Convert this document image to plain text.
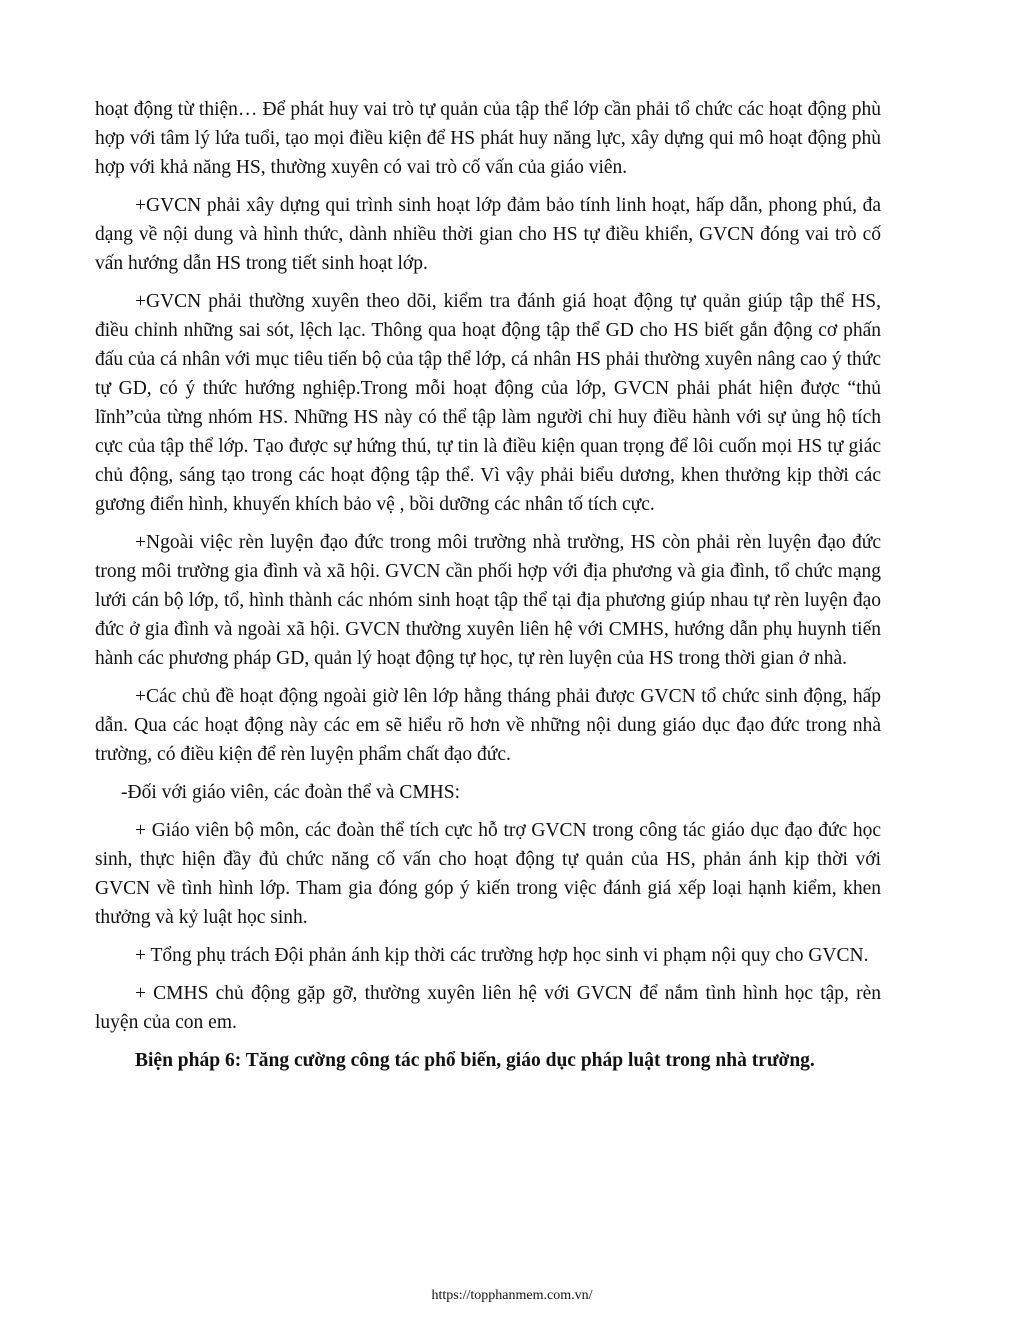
hoạt động từ thiện… Để phát huy vai trò tự quản của tập thể lớp cần phải tổ chức các hoạt động phù hợp với tâm lý lứa tuổi, tạo mọi điều kiện để HS phát huy năng lực, xây dựng qui mô hoạt động phù hợp với khả năng HS, thường xuyên có vai trò cố vấn của giáo viên.

+GVCN phải xây dựng qui trình sinh hoạt lớp đảm bảo tính linh hoạt, hấp dẫn, phong phú, đa dạng về nội dung và hình thức, dành nhiều thời gian cho HS tự điều khiển, GVCN đóng vai trò cố vấn hướng dẫn HS trong tiết sinh hoạt lớp.

+GVCN phải thường xuyên theo dõi, kiểm tra đánh giá hoạt động tự quản giúp tập thể HS, điều chỉnh những sai sót, lệch lạc. Thông qua hoạt động tập thể GD cho HS biết gắn động cơ phấn đấu của cá nhân với mục tiêu tiến bộ của tập thể lớp, cá nhân HS phải thường xuyên nâng cao ý thức tự GD, có ý thức hướng nghiệp.Trong mỗi hoạt động của lớp, GVCN phải phát hiện được “thủ lĩnh”của từng nhóm HS. Những HS này có thể tập làm người chỉ huy điều hành với sự ủng hộ tích cực của tập thể lớp. Tạo được sự hứng thú, tự tin là điều kiện quan trọng để lôi cuốn mọi HS tự giác chủ động, sáng tạo trong các hoạt động tập thể. Vì vậy phải biểu dương, khen thưởng kịp thời các gương điển hình, khuyến khích bảo vệ , bồi dưỡng các nhân tố tích cực.

+Ngoài việc rèn luyện đạo đức trong môi trường nhà trường, HS còn phải rèn luyện đạo đức trong môi trường gia đình và xã hội. GVCN cần phối hợp với địa phương và gia đình, tổ chức mạng lưới cán bộ lớp, tổ, hình thành các nhóm sinh hoạt tập thể tại địa phương giúp nhau tự rèn luyện đạo đức ở gia đình và ngoài xã hội. GVCN thường xuyên liên hệ với CMHS, hướng dẫn phụ huynh tiến hành các phương pháp GD, quản lý hoạt động tự học, tự rèn luyện của HS trong thời gian ở nhà.

+Các chủ đề hoạt động ngoài giờ lên lớp hằng tháng phải được GVCN tổ chức sinh động, hấp dẫn. Qua các hoạt động này các em sẽ hiểu rõ hơn về những nội dung giáo dục đạo đức trong nhà trường, có điều kiện để rèn luyện phẩm chất đạo đức.

-Đối với giáo viên, các đoàn thể và CMHS:

+ Giáo viên bộ môn, các đoàn thể tích cực hỗ trợ GVCN trong công tác giáo dục đạo đức học sinh, thực hiện đầy đủ chức năng cố vấn cho hoạt động tự quản của HS, phản ánh kịp thời với GVCN về tình hình lớp. Tham gia đóng góp ý kiến trong việc đánh giá xếp loại hạnh kiểm, khen thưởng và kỷ luật học sinh.

+ Tổng phụ trách Đội phản ánh kịp thời các trường hợp học sinh vi phạm nội quy cho GVCN.

+ CMHS chủ động gặp gỡ, thường xuyên liên hệ với GVCN để nắm tình hình học tập, rèn luyện của con em.

Biện pháp 6: Tăng cường công tác phổ biến, giáo dục pháp luật trong nhà trường.

https://topphanmem.com.vn/
